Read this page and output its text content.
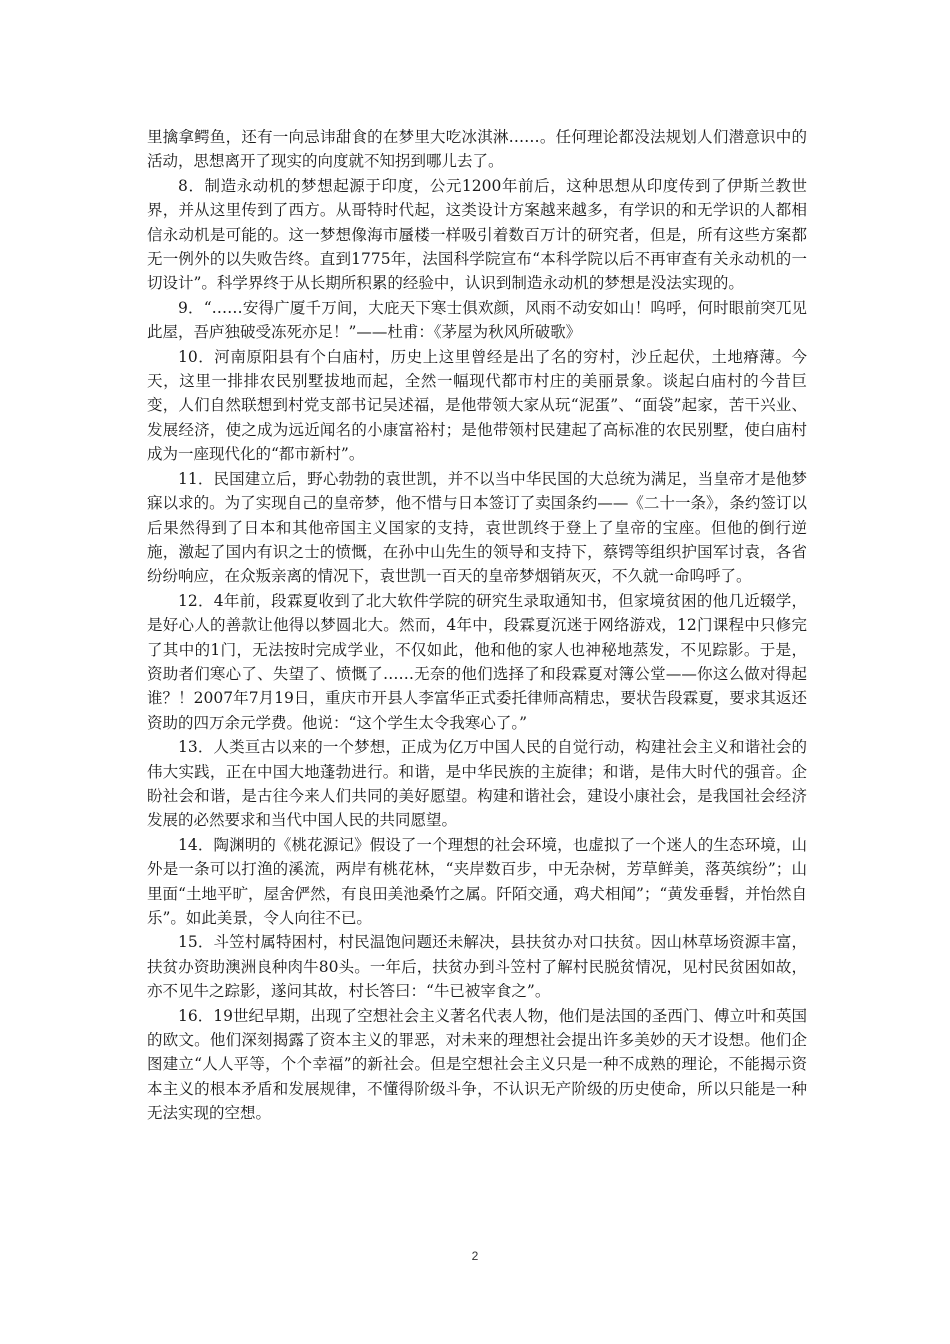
里擒拿鳄鱼，还有一向忌讳甜食的在梦里大吃冰淇淋……。任何理论都没法规划人们潜意识中的活动，思想离开了现实的向度就不知拐到哪儿去了。

8．制造永动机的梦想起源于印度，公元1200年前后，这种思想从印度传到了伊斯兰教世界，并从这里传到了西方。从哥特时代起，这类设计方案越来越多，有学识的和无学识的人都相信永动机是可能的。这一梦想像海市蜃楼一样吸引着数百万计的研究者，但是，所有这些方案都无一例外的以失败告终。直到1775年，法国科学院宣布“本科学院以后不再审查有关永动机的一切设计”。科学界终于从长期所积累的经验中，认识到制造永动机的梦想是没法实现的。

9．“……安得广厦千万间，大庇天下寒士俱欢颜，风雨不动安如山！呜呼，何时眼前突兀见此屋，吾庐独破受冻死亦足！”——杜甫：《茅屋为秋风所破歌》

10．河南原阳县有个白庙村，历史上这里曾经是出了名的穷村，沙丘起伏，土地瘠薄。今天，这里一排排农民别墅拔地而起，全然一幅现代都市村庄的美丽景象。谈起白庙村的今昔巨变，人们自然联想到村党支部书记吴述福，是他带领大家从玩“泥蛋”、“面袋”起家，苦干兴业、发展经济，使之成为远近闻名的小康富裕村；是他带领村民建起了高标准的农民别墅，使白庙村成为一座现代化的“都市新村”。

11．民国建立后，野心勃勃的袁世凯，并不以当中华民国的大总统为满足，当皇帝才是他梦寐以求的。为了实现自己的皇帝梦，他不惜与日本签订了卖国条约——《二十一条》，条约签订以后果然得到了日本和其他帝国主义国家的支持，袁世凯终于登上了皇帝的宝座。但他的倒行逆施，激起了国内有识之士的愤慨，在孙中山先生的领导和支持下，蔡锷等组织护国军讨袁，各省纷纷响应，在众叛亲离的情况下，袁世凯一百天的皇帝梦烟销灰灭，不久就一命呜呼了。

12．4年前，段霖夏收到了北大软件学院的研究生录取通知书，但家境贫困的他几近辍学，是好心人的善款让他得以梦圆北大。然而，4年中，段霖夏沉迷于网络游戏，12门课程中只修完了其中的1门，无法按时完成学业，不仅如此，他和他的家人也神秘地蒸发，不见踪影。于是，资助者们寒心了、失望了、愤慨了……无奈的他们选择了和段霖夏对簿公堂——你这么做对得起谁？！2007年7月19日，重庆市开县人李富华正式委托律师高精忠，要状告段霖夏，要求其返还资助的四万余元学费。他说：“这个学生太令我寒心了。”

13．人类亘古以来的一个梦想，正成为亿万中国人民的自觉行动，构建社会主义和谐社会的伟大实践，正在中国大地蓬勃进行。和谐，是中华民族的主旋律；和谐，是伟大时代的强音。企盼社会和谐，是古往今来人们共同的美好愿望。构建和谐社会，建设小康社会，是我国社会经济发展的必然要求和当代中国人民的共同愿望。

14．陶渊明的《桃花源记》假设了一个理想的社会环境，也虚拟了一个迷人的生态环境，山外是一条可以打渔的溪流，两岸有桃花林，“夹岸数百步，中无杂树，芳草鲜美，落英缤纷”；山里面“土地平旷，屋舍俨然，有良田美池桑竹之属。阡陌交通，鸡犬相闻”；“黄发垂髫，并怡然自乐”。如此美景，令人向往不已。

15．斗笠村属特困村，村民温饱问题还未解决，县扶贫办对口扶贫。因山林草场资源丰富，扶贫办资助澳洲良种肉牛80头。一年后，扶贫办到斗笠村了解村民脱贫情况，见村民贫困如故，亦不见牛之踪影，遂问其故，村长答曰：“牛已被宰食之”。

16．19世纪早期，出现了空想社会主义著名代表人物，他们是法国的圣西门、傅立叶和英国的欧文。他们深刻揭露了资本主义的罪恶，对未来的理想社会提出许多美妙的天才设想。他们企图建立“人人平等，个个幸福”的新社会。但是空想社会主义只是一种不成熟的理论，不能揭示资本主义的根本矛盾和发展规律，不懂得阶级斗争，不认识无产阶级的历史使命，所以只能是一种无法实现的空想。

2
